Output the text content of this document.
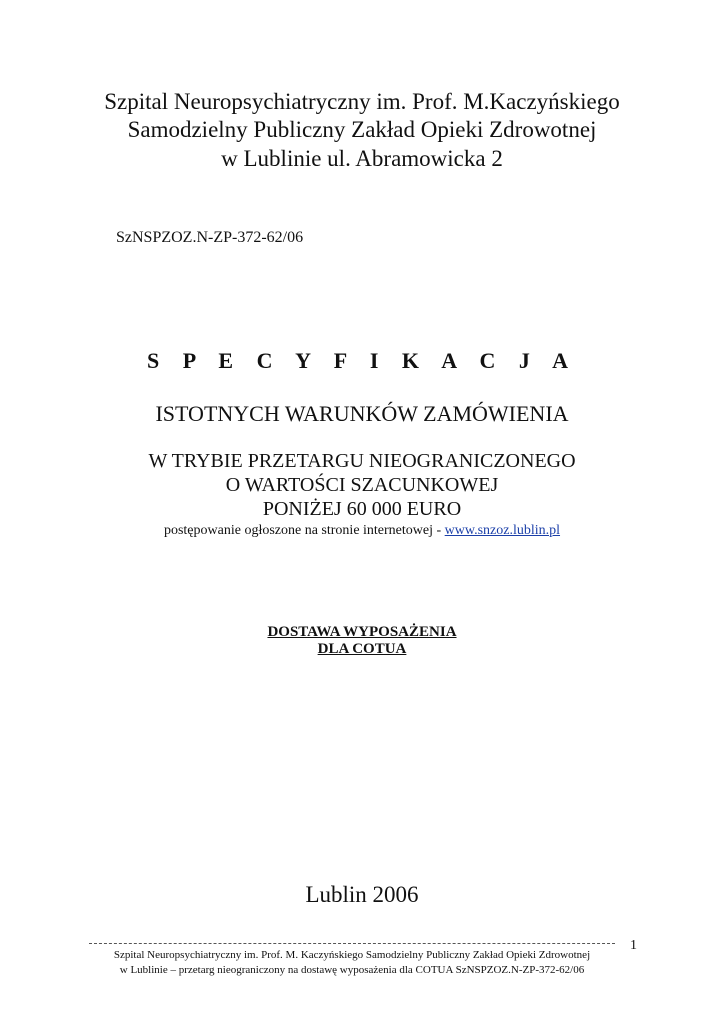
Szpital Neuropsychiatryczny im. Prof. M.Kaczyńskiego
Samodzielny Publiczny Zakład Opieki Zdrowotnej
w Lublinie ul. Abramowicka 2
SzNSPZOZ.N-ZP-372-62/06
S P E C Y F I K A C J A
ISTOTNYCH WARUNKÓW ZAMÓWIENIA
W TRYBIE PRZETARGU NIEOGRANICZONEGO
O WARTOŚCI SZACUNKOWEJ
PONIŻEJ 60 000 EURO
postępowanie ogłoszone na stronie internetowej - www.snzoz.lublin.pl
DOSTAWA WYPOSAŻENIA
DLA COTUA
Lublin 2006
1
Szpital Neuropsychiatryczny im. Prof. M. Kaczyńskiego Samodzielny Publiczny Zakład Opieki Zdrowotnej
w Lublinie – przetarg nieograniczony na dostawę wyposażenia dla COTUA SzNSPZOZ.N-ZP-372-62/06
